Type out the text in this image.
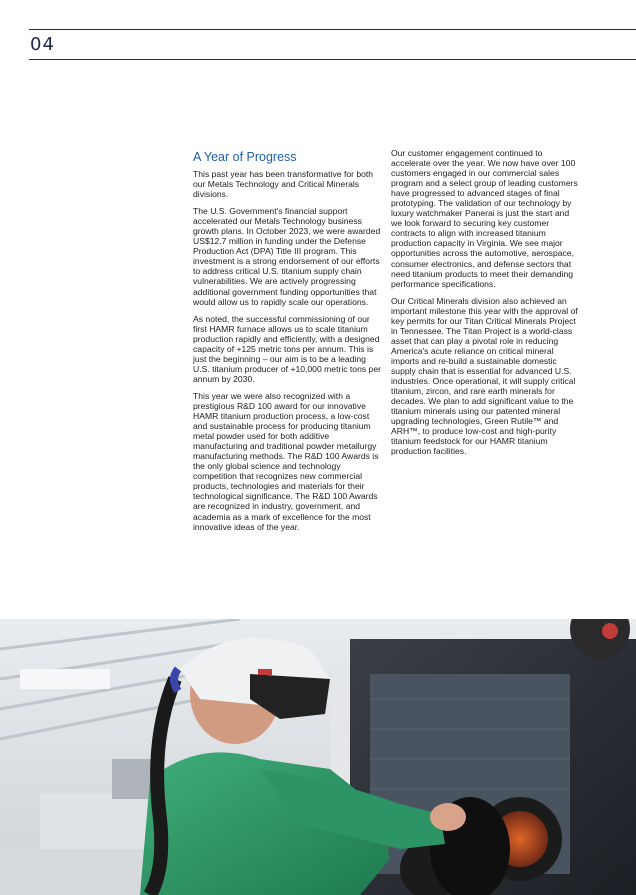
04
A Year of Progress

This past year has been transformative for both our Metals Technology and Critical Minerals divisions.

The U.S. Government's financial support accelerated our Metals Technology business growth plans. In October 2023, we were awarded US$12.7 million in funding under the Defense Production Act (DPA) Title III program. This investment is a strong endorsement of our efforts to address critical U.S. titanium supply chain vulnerabilities. We are actively progressing additional government funding opportunities that would allow us to rapidly scale our operations.

As noted, the successful commissioning of our first HAMR furnace allows us to scale titanium production rapidly and efficiently, with a designed capacity of +125 metric tons per annum. This is just the beginning – our aim is to be a leading U.S. titanium producer of +10,000 metric tons per annum by 2030.

This year we were also recognized with a prestigious R&D 100 award for our innovative HAMR titanium production process, a low-cost and sustainable process for producing titanium metal powder used for both additive manufacturing and traditional powder metallurgy manufacturing methods. The R&D 100 Awards is the only global science and technology competition that recognizes new commercial products, technologies and materials for their technological significance. The R&D 100 Awards are recognized in industry, government, and academia as a mark of excellence for the most innovative ideas of the year.

Our customer engagement continued to accelerate over the year. We now have over 100 customers engaged in our commercial sales program and a select group of leading customers have progressed to advanced stages of final prototyping. The validation of our technology by luxury watchmaker Panerai is just the start and we look forward to securing key customer contracts to align with increased titanium production capacity in Virginia. We see major opportunities across the automotive, aerospace, consumer electronics, and defense sectors that need titanium products to meet their demanding performance specifications.

Our Critical Minerals division also achieved an important milestone this year with the approval of key permits for our Titan Critical Minerals Project in Tennessee. The Titan Project is a world-class asset that can play a pivotal role in reducing America's acute reliance on critical mineral imports and re-build a sustainable domestic supply chain that is essential for advanced U.S. industries. Once operational, it will supply critical titanium, zircon, and rare earth minerals for decades. We plan to add significant value to the titanium minerals using our patented mineral upgrading technologies, Green Rutile™ and ARH™, to produce low-cost and high-purity titanium feedstock for our HAMR titanium production facilities.
